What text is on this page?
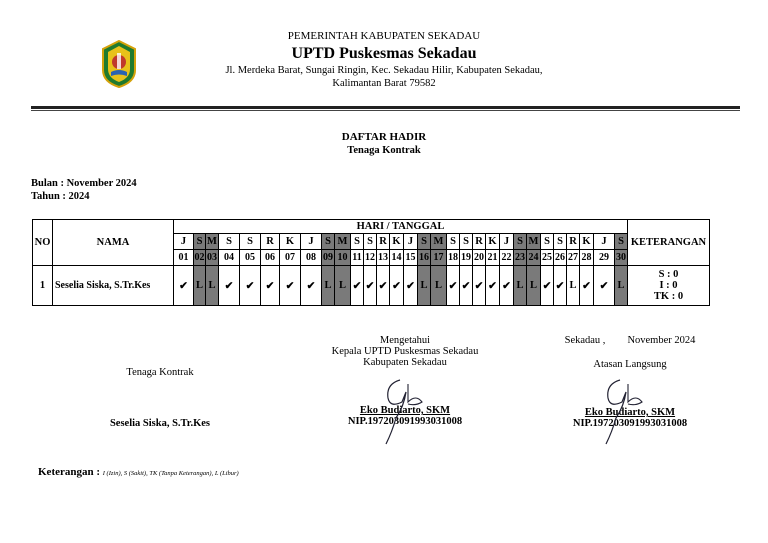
PEMERINTAH KABUPATEN SEKADAU
UPTD Puskesmas Sekadau
Jl. Merdeka Barat, Sungai Ringin, Kec. Sekadau Hilir, Kabupaten Sekadau,
Kalimantan Barat 79582
DAFTAR HADIR
Tenaga Kontrak
Bulan : November 2024
Tahun : 2024
NO	NAMA	HARI / TANGGAL																														KETERANGAN
		J	S	M	S	S	R	K	J	S	M	S	S	R	K	J	S	M	S	S	R	K	J	S	M	S	S	R	K	J	S	
		01	02	03	04	05	06	07	08	09	10	11	12	13	14	15	16	17	18	19	20	21	22	23	24	25	26	27	28	29	30	
1	Seselia Siska, S.Tr.Kes	✔	L	L	✔	✔	✔	✔	✔	L	L	✔	✔	✔	✔	✔	L	L	✔	✔	✔	✔	✔	L	L	✔	✔	L	✔	✔	L	S : 0
I : 0
TK : 0
Tenaga Kontrak
Seselia Siska, S.Tr.Kes
Mengetahui
Kepala UPTD Puskesmas Sekadau
Kabupaten Sekadau
Eko Budiarto, SKM
NIP.197203091993031008
Sekadau , November 2024
Atasan Langsung
Eko Budiarto, SKM
NIP.197203091993031008
Keterangan : I (Izin), S (Sakit), TK (Tanpa Keterangan), L (Libur)
